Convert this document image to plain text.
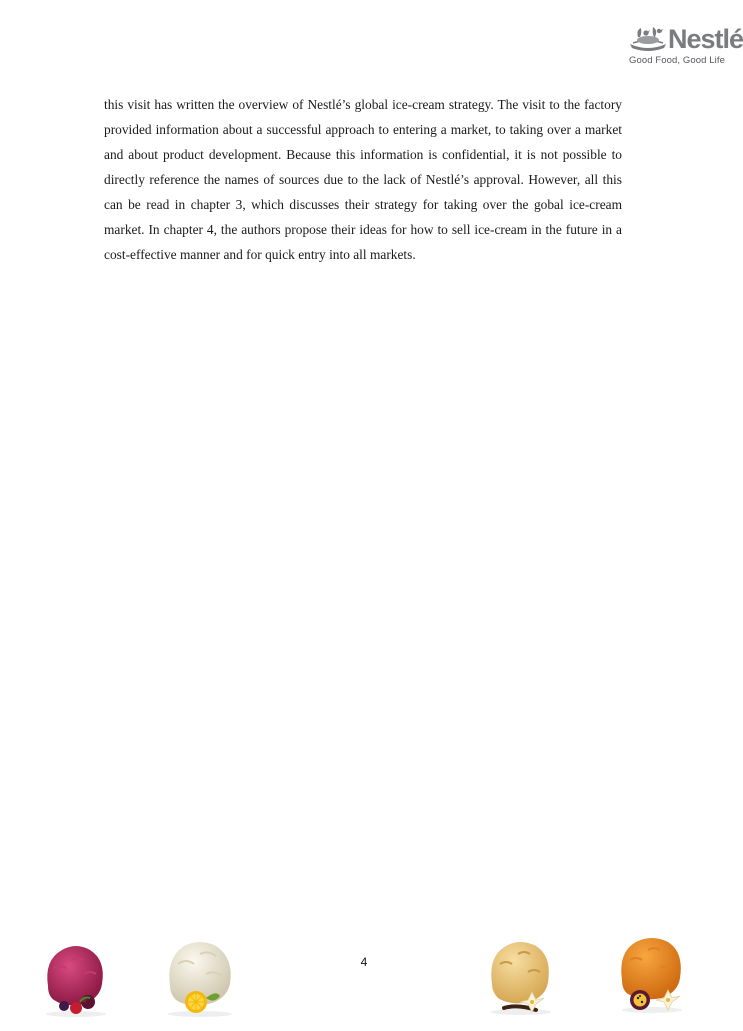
Nestlé
Good Food, Good Life

this visit has written the overview of Nestlé’s global ice-cream strategy. The visit to the factory provided information about a successful approach to entering a market, to taking over a market and about product development. Because this information is confidential, it is not possible to directly reference the names of sources due to the lack of Nestlé’s approval. However, all this can be read in chapter 3, which discusses their strategy for taking over the gobal ice-cream market. In chapter 4, the authors propose their ideas for how to sell ice-cream in the future in a cost-effective manner and for quick entry into all markets.

4
